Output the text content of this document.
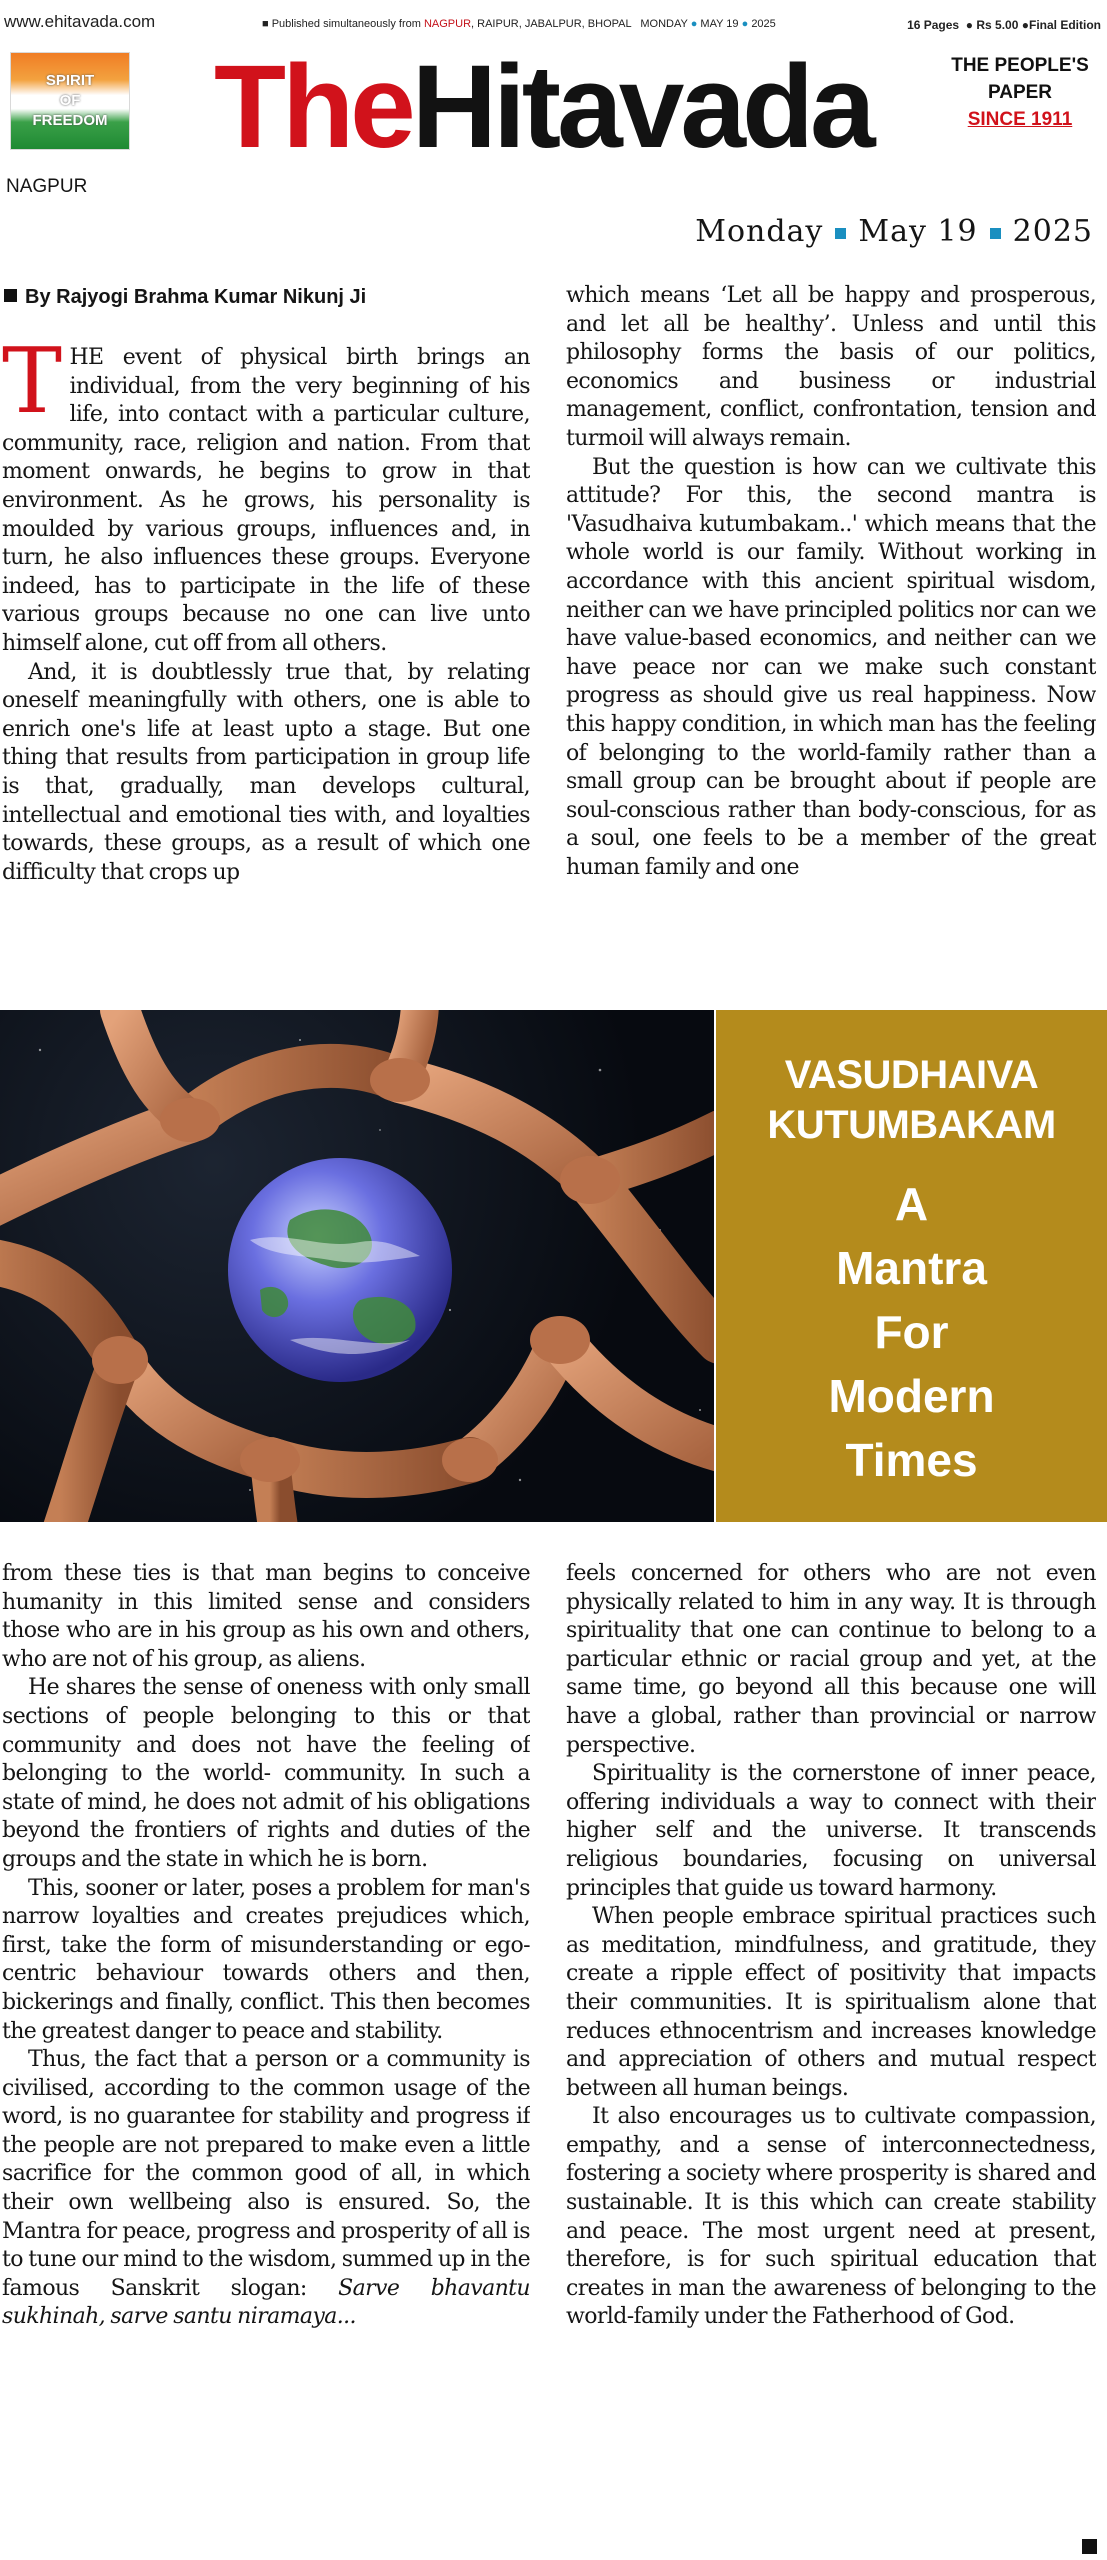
www.ehitavada.com	■ Published simultaneously from NAGPUR, RAIPUR, JABALPUR, BHOPAL MONDAY ● MAY 19 ● 2025	16 Pages ● Rs 5.00 ●Final Edition
SPIRIT
OF
FREEDOM
NAGPUR
TheHitavada	THE PEOPLE'S
PAPER
SINCE 1911
Monday May 19 2025
By Rajyogi Brahma Kumar Nikunj Ji

THE event of physical birth brings an individual, from the very beginning of his life, into contact with a particular culture, community, race, religion and nation. From that moment onwards, he begins to grow in that environment. As he grows, his personality is moulded by various groups, influences and, in turn, he also influences these groups. Everyone indeed, has to participate in the life of these various groups because no one can live unto himself alone, cut off from all others.

And, it is doubtlessly true that, by relating oneself meaningfully with others, one is able to enrich one's life at least upto a stage. But one thing that results from participation in group life is that, gradually, man develops cultural, intellectual and emotional ties with, and loyalties towards, these groups, as a result of which one difficulty that crops up

which means ‘Let all be happy and prosperous, and let all be healthy’. Unless and until this philosophy forms the basis of our politics, economics and business or industrial management, conflict, confrontation, tension and turmoil will always remain.

But the question is how can we cultivate this attitude? For this, the second mantra is 'Vasudhaiva kutumbakam..' which means that the whole world is our family. Without working in accordance with this ancient spiritual wisdom, neither can we have principled politics nor can we have value-based economics, and neither can we have peace nor can we make such constant progress as should give us real happiness. Now this happy condition, in which man has the feeling of belonging to the world-family rather than a small group can be brought about if people are soul-conscious rather than body-conscious, for as a soul, one feels to be a member of the great human family and one

VASUDHAIVA
KUTUMBAKAM
A
Mantra
For
Modern
Times

from these ties is that man begins to conceive humanity in this limited sense and considers those who are in his group as his own and others, who are not of his group, as aliens.

He shares the sense of oneness with only small sections of people belonging to this or that community and does not have the feeling of belonging to the world- community. In such a state of mind, he does not admit of his obligations beyond the frontiers of rights and duties of the groups and the state in which he is born.

This, sooner or later, poses a problem for man's narrow loyalties and creates prejudices which, first, take the form of misunderstanding or ego-centric behaviour towards others and then, bickerings and finally, conflict. This then becomes the greatest danger to peace and stability.

Thus, the fact that a person or a community is civilised, according to the common usage of the word, is no guarantee for stability and progress if the people are not prepared to make even a little sacrifice for the common good of all, in which their own wellbeing also is ensured. So, the Mantra for peace, progress and prosperity of all is to tune our mind to the wisdom, summed up in the famous Sanskrit slogan: Sarve bhavantu sukhinah, sarve santu niramaya...

feels concerned for others who are not even physically related to him in any way. It is through spirituality that one can continue to belong to a particular ethnic or racial group and yet, at the same time, go beyond all this because one will have a global, rather than provincial or narrow perspective.

Spirituality is the cornerstone of inner peace, offering individuals a way to connect with their higher self and the universe. It transcends religious boundaries, focusing on universal principles that guide us toward harmony.

When people embrace spiritual practices such as meditation, mindfulness, and gratitude, they create a ripple effect of positivity that impacts their communities. It is spiritualism alone that reduces ethnocentrism and increases knowledge and appreciation of others and mutual respect between all human beings.

It also encourages us to cultivate compassion, empathy, and a sense of interconnectedness, fostering a society where prosperity is shared and sustainable. It is this which can create stability and peace. The most urgent need at present, therefore, is for such spiritual education that creates in man the awareness of belonging to the world-family under the Fatherhood of God.
